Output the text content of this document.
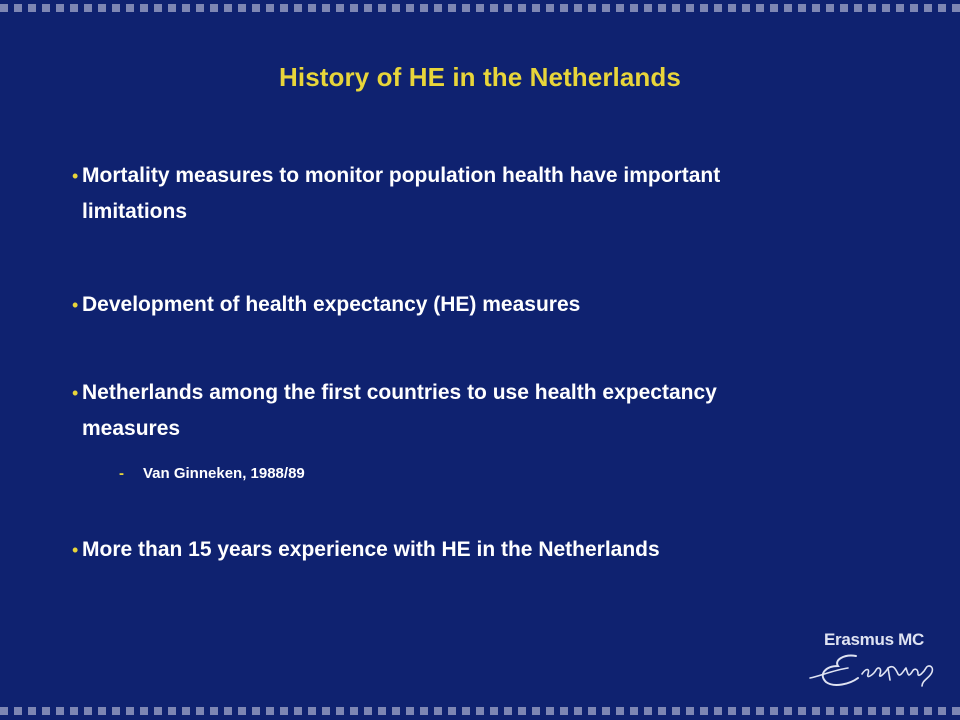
History of HE in the Netherlands
• Mortality measures to monitor population health have important
limitations
• Development of health expectancy (HE) measures
• Netherlands among the first countries to use health expectancy
measures
- Van Ginneken, 1988/89
• More than 15 years experience with HE in the Netherlands
Erasmus MC
